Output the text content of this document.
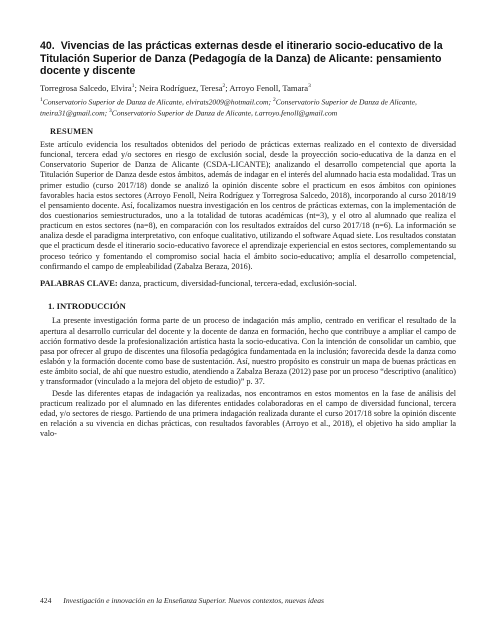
40. Vivencias de las prácticas externas desde el itinerario socio-educativo de la Titulación Superior de Danza (Pedagogía de la Danza) de Alicante: pensamiento docente y discente
Torregrosa Salcedo, Elvira$^1$; Neira Rodríguez, Teresa$^2$; Arroyo Fenoll, Tamara$^3$
$^1$Conservatorio Superior de Danza de Alicante, elvirats2009@hotmail.com; $^2$Conservatorio Superior de Danza de Alicante, tneira31@gmail.com; $^3$Conservatorio Superior de Danza de Alicante, t.arroyo.fenoll@gmail.com
RESUMEN

Este artículo evidencia los resultados obtenidos del periodo de prácticas externas realizado en el contexto de diversidad funcional, tercera edad y/o sectores en riesgo de exclusión social, desde la proyección socio-educativa de la danza en el Conservatorio Superior de Danza de Alicante (CSDA-LICANTE); analizando el desarrollo competencial que aporta la Titulación Superior de Danza desde estos ámbitos, además de indagar en el interés del alumnado hacia esta modalidad. Tras un primer estudio (curso 2017/18) donde se analizó la opinión discente sobre el practicum en esos ámbitos con opiniones favorables hacia estos sectores (Arroyo Fenoll, Neira Rodríguez y Torregrosa Salcedo, 2018), incorporando al curso 2018/19 el pensamiento docente. Así, focalizamos nuestra investigación en los centros de prácticas externas, con la implementación de dos cuestionarios semiestructurados, uno a la totalidad de tutoras académicas (nt=3), y el otro al alumnado que realiza el practicum en estos sectores (na=8), en comparación con los resultados extraídos del curso 2017/18 (n=6). La información se analiza desde el paradigma interpretativo, con enfoque cualitativo, utilizando el software Aquad siete. Los resultados constatan que el practicum desde el itinerario socio-educativo favorece el aprendizaje experiencial en estos sectores, complementando su proceso teórico y fomentando el compromiso social hacia el ámbito socio-educativo; amplía el desarrollo competencial, confirmando el campo de empleabilidad (Zabalza Beraza, 2016).

PALABRAS CLAVE: danza, practicum, diversidad-funcional, tercera-edad, exclusión-social.
1. INTRODUCCIÓN

La presente investigación forma parte de un proceso de indagación más amplio, centrado en verificar el resultado de la apertura al desarrollo curricular del docente y la docente de danza en formación, hecho que contribuye a ampliar el campo de acción formativo desde la profesionalización artística hasta la socio-educativa. Con la intención de consolidar un cambio, que pasa por ofrecer al grupo de discentes una filosofía pedagógica fundamentada en la inclusión; favorecida desde la danza como eslabón y la formación docente como base de sustentación. Así, nuestro propósito es construir un mapa de buenas prácticas en este ámbito social, de ahí que nuestro estudio, atendiendo a Zabalza Beraza (2012) pase por un proceso “descriptivo (analítico) y transformador (vinculado a la mejora del objeto de estudio)” p. 37.

Desde las diferentes etapas de indagación ya realizadas, nos encontramos en estos momentos en la fase de análisis del practicum realizado por el alumnado en las diferentes entidades colaboradoras en el campo de diversidad funcional, tercera edad, y/o sectores de riesgo. Partiendo de una primera indagación realizada durante el curso 2017/18 sobre la opinión discente en relación a su vivencia en dichas prácticas, con resultados favorables (Arroyo et al., 2018), el objetivo ha sido ampliar la valo-

424 Investigación e innovación en la Enseñanza Superior. Nuevos contextos, nuevas ideas
